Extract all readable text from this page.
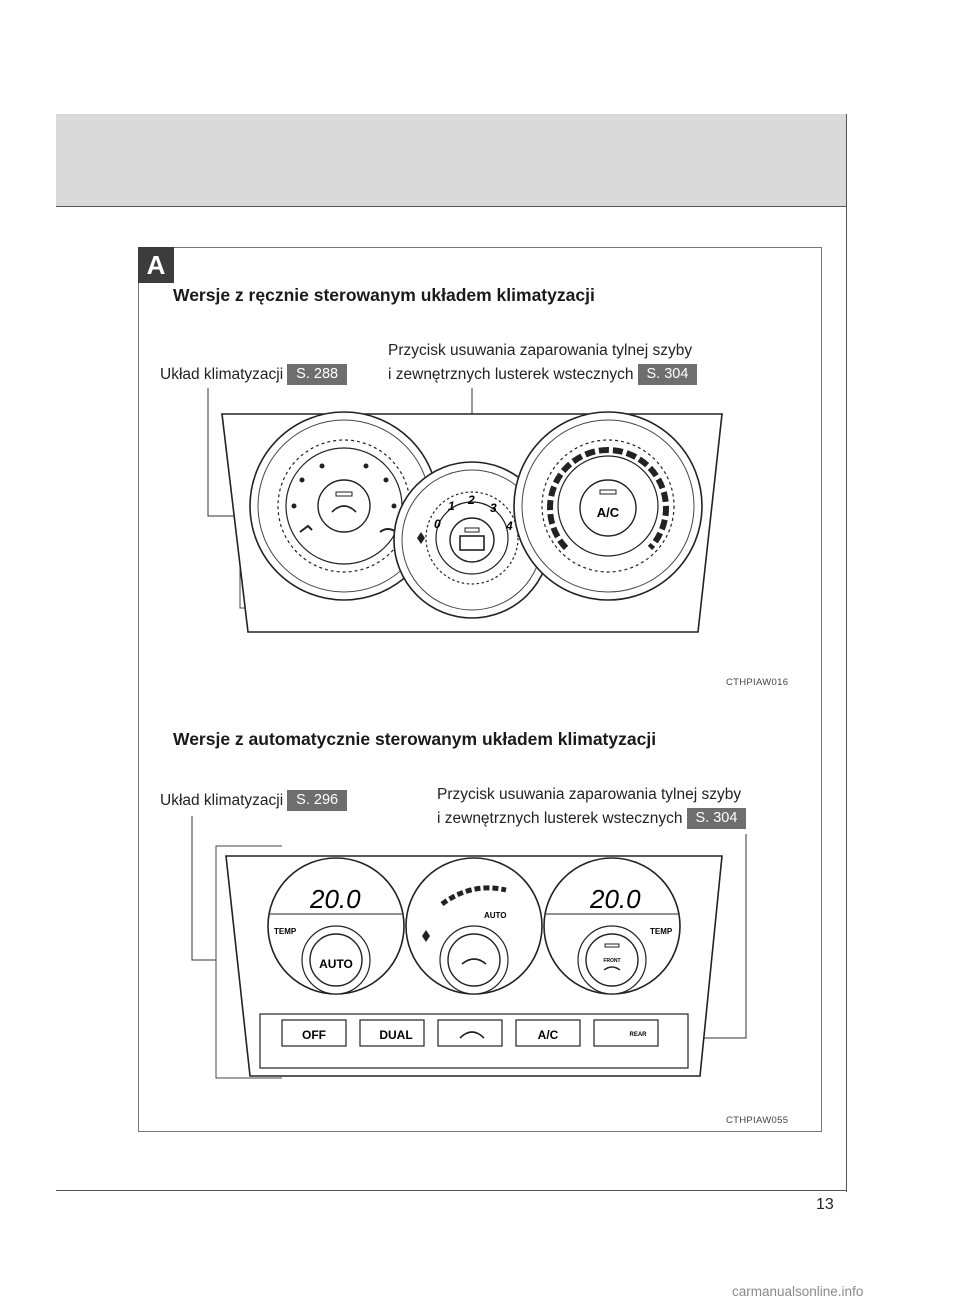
A
Wersje z ręcznie sterowanym układem klimatyzacji
Układ klimatyzacji S. 288
Przycisk usuwania zaparowania tylnej szyby
i zewnętrznych lusterek wstecznych S. 304
0
1 2
3
4
A/C
CTHPIAW016
Wersje z automatycznie sterowanym układem klimatyzacji
Układ klimatyzacji S. 296	Przycisk usuwania zaparowania tylnej szyby
i zewnętrznych lusterek wstecznych S. 304
20.0
TEMP
AUTO
AUTO
20.0
TEMP
FRONT
OFF	DUAL	A/C	REAR
CTHPIAW055
13
carmanualsonline.info
